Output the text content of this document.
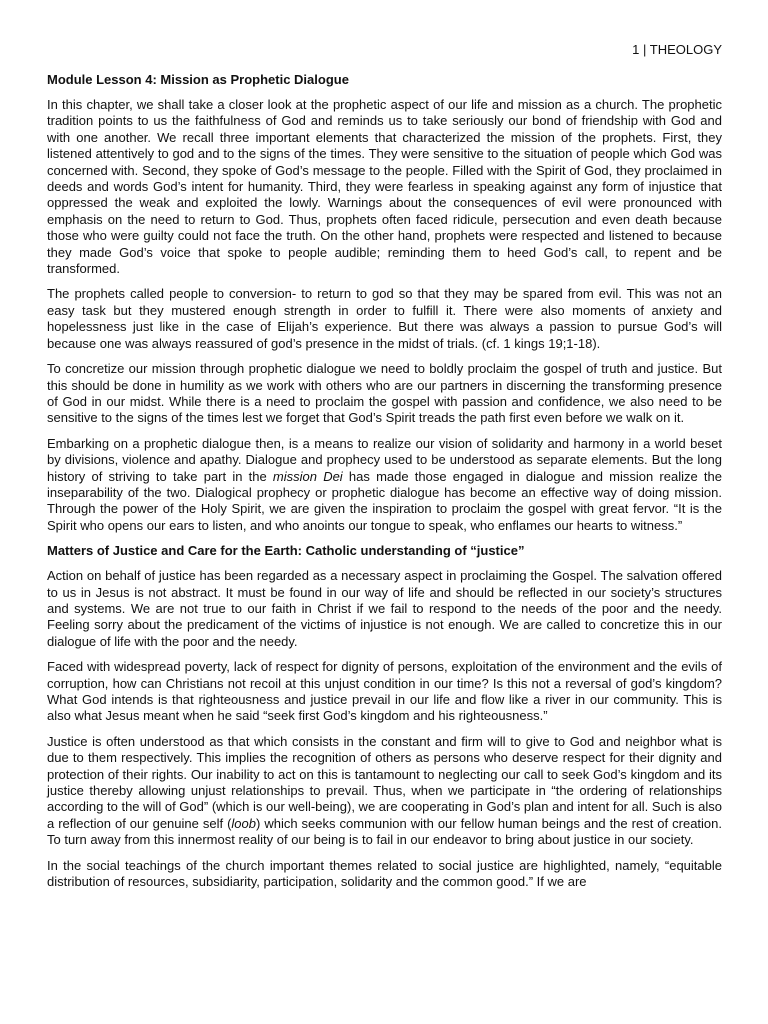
1 | THEOLOGY
Module Lesson 4: Mission as Prophetic Dialogue

In this chapter, we shall take a closer look at the prophetic aspect of our life and mission as a church. The prophetic tradition points to us the faithfulness of God and reminds us to take seriously our bond of friendship with God and with one another. We recall three important elements that characterized the mission of the prophets. First, they listened attentively to god and to the signs of the times. They were sensitive to the situation of people which God was concerned with. Second, they spoke of God’s message to the people. Filled with the Spirit of God, they proclaimed in deeds and words God’s intent for humanity. Third, they were fearless in speaking against any form of injustice that oppressed the weak and exploited the lowly. Warnings about the consequences of evil were pronounced with emphasis on the need to return to God. Thus, prophets often faced ridicule, persecution and even death because those who were guilty could not face the truth. On the other hand, prophets were respected and listened to because they made God’s voice that spoke to people audible; reminding them to heed God’s call, to repent and be transformed.

The prophets called people to conversion- to return to god so that they may be spared from evil. This was not an easy task but they mustered enough strength in order to fulfill it. There were also moments of anxiety and hopelessness just like in the case of Elijah’s experience. But there was always a passion to pursue God’s will because one was always reassured of god’s presence in the midst of trials. (cf. 1 kings 19;1-18).

To concretize our mission through prophetic dialogue we need to boldly proclaim the gospel of truth and justice. But this should be done in humility as we work with others who are our partners in discerning the transforming presence of God in our midst. While there is a need to proclaim the gospel with passion and confidence, we also need to be sensitive to the signs of the times lest we forget that God’s Spirit treads the path first even before we walk on it.

Embarking on a prophetic dialogue then, is a means to realize our vision of solidarity and harmony in a world beset by divisions, violence and apathy. Dialogue and prophecy used to be understood as separate elements. But the long history of striving to take part in the mission Dei has made those engaged in dialogue and mission realize the inseparability of the two. Dialogical prophecy or prophetic dialogue has become an effective way of doing mission. Through the power of the Holy Spirit, we are given the inspiration to proclaim the gospel with great fervor. “It is the Spirit who opens our ears to listen, and who anoints our tongue to speak, who enflames our hearts to witness.”

Matters of Justice and Care for the Earth: Catholic understanding of “justice”

Action on behalf of justice has been regarded as a necessary aspect in proclaiming the Gospel. The salvation offered to us in Jesus is not abstract. It must be found in our way of life and should be reflected in our society’s structures and systems. We are not true to our faith in Christ if we fail to respond to the needs of the poor and the needy. Feeling sorry about the predicament of the victims of injustice is not enough. We are called to concretize this in our dialogue of life with the poor and the needy.

Faced with widespread poverty, lack of respect for dignity of persons, exploitation of the environment and the evils of corruption, how can Christians not recoil at this unjust condition in our time? Is this not a reversal of god’s kingdom? What God intends is that righteousness and justice prevail in our life and flow like a river in our community. This is also what Jesus meant when he said “seek first God’s kingdom and his righteousness.”

Justice is often understood as that which consists in the constant and firm will to give to God and neighbor what is due to them respectively. This implies the recognition of others as persons who deserve respect for their dignity and protection of their rights. Our inability to act on this is tantamount to neglecting our call to seek God’s kingdom and its justice thereby allowing unjust relationships to prevail. Thus, when we participate in “the ordering of relationships according to the will of God” (which is our well-being), we are cooperating in God’s plan and intent for all. Such is also a reflection of our genuine self (loob) which seeks communion with our fellow human beings and the rest of creation. To turn away from this innermost reality of our being is to fail in our endeavor to bring about justice in our society.

In the social teachings of the church important themes related to social justice are highlighted, namely, “equitable distribution of resources, subsidiarity, participation, solidarity and the common good.” If we are
